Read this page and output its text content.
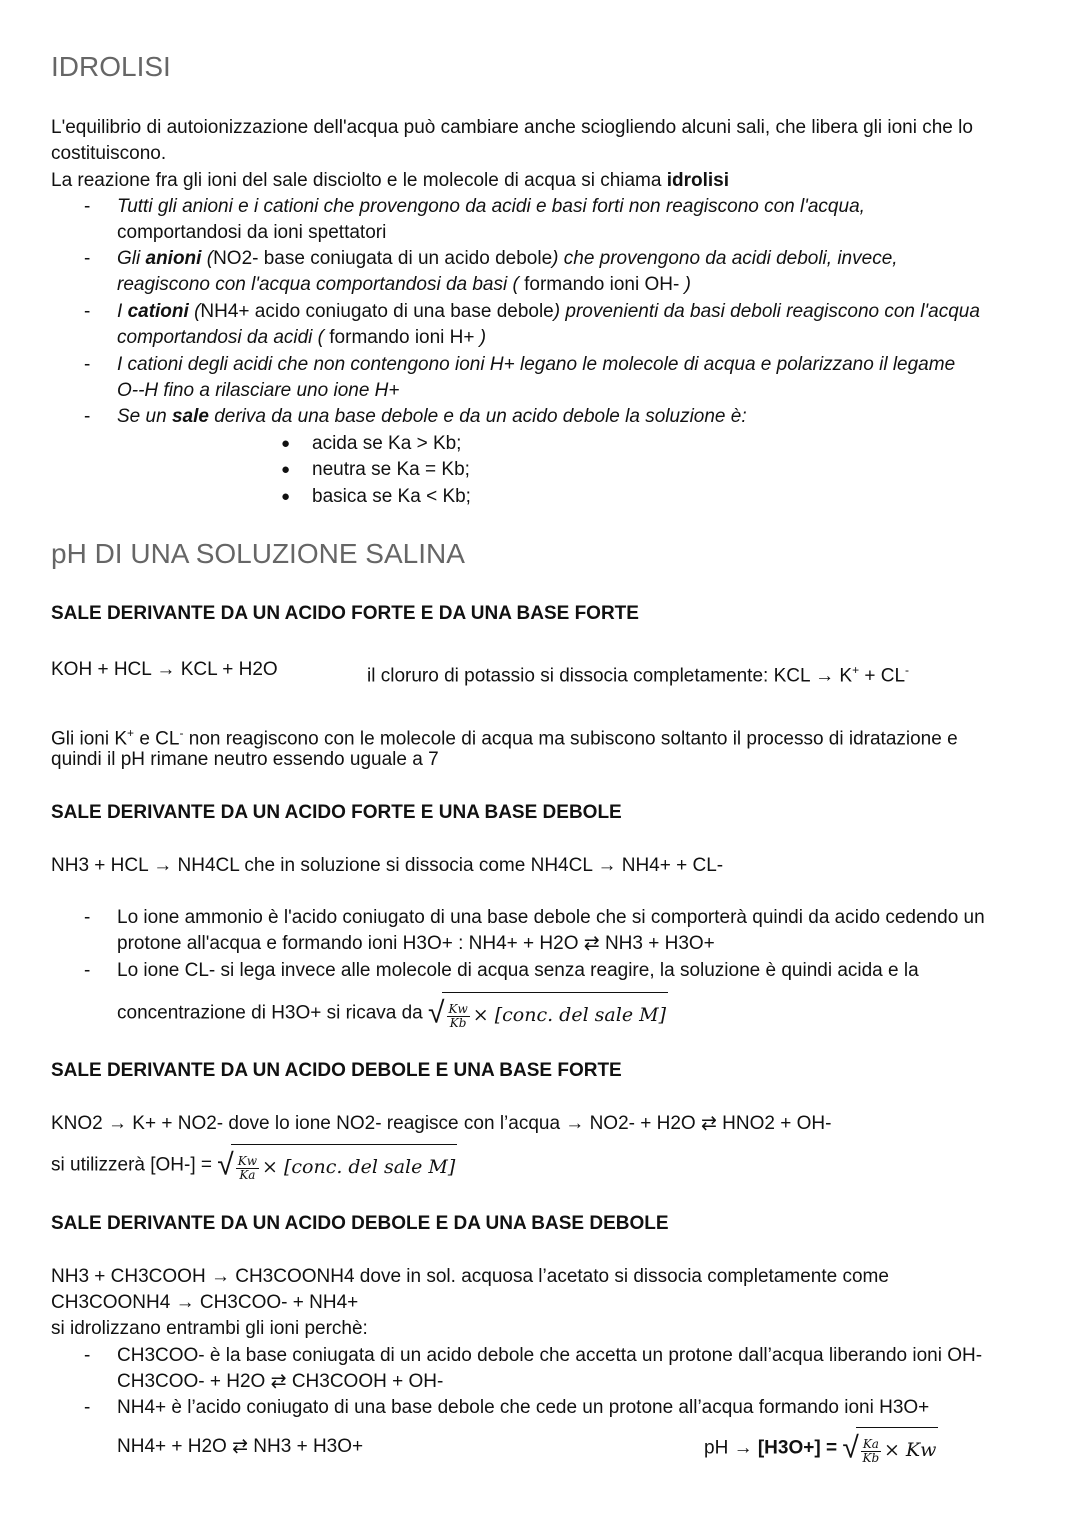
IDROLISI
L'equilibrio di autoionizzazione dell'acqua può cambiare anche sciogliendo alcuni sali, che libera gli ioni che lo
costituiscono.
La reazione fra gli ioni del sale disciolto e le molecole di acqua si chiama idrolisi
- Tutti gli anioni e i cationi che provengono da acidi e basi forti non reagiscono con l'acqua,
comportandosi da ioni spettatori
- Gli anioni (NO2- base coniugata di un acido debole) che provengono da acidi deboli, invece,
reagiscono con l'acqua comportandosi da basi ( formando ioni OH- )
- I cationi (NH4+ acido coniugato di una base debole) provenienti da basi deboli reagiscono con l'acqua
comportandosi da acidi ( formando ioni H+ )
- I cationi degli acidi che non contengono ioni H+ legano le molecole di acqua e polarizzano il legame
O--H fino a rilasciare uno ione H+
- Se un sale deriva da una base debole e da un acido debole la soluzione è:
● acida se Ka > Kb;
● neutra se Ka = Kb;
● basica se Ka < Kb;
pH DI UNA SOLUZIONE SALINA
SALE DERIVANTE DA UN ACIDO FORTE E DA UNA BASE FORTE
KOH + HCL → KCL + H2O	il cloruro di potassio si dissocia completamente: KCL → K+ + CL-
Gli ioni K+ e CL- non reagiscono con le molecole di acqua ma subiscono soltanto il processo di idratazione e
quindi il pH rimane neutro essendo uguale a 7
SALE DERIVANTE DA UN ACIDO FORTE E UNA BASE DEBOLE
NH3 + HCL → NH4CL che in soluzione si dissocia come NH4CL → NH4+ + CL-
- Lo ione ammonio è l'acido coniugato di una base debole che si comporterà quindi da acido cedendo un
protone all'acqua e formando ioni H3O+ : NH4+ + H2O ⇄ NH3 + H3O+
- Lo ione CL- si lega invece alle molecole di acqua senza reagire, la soluzione è quindi acida e la
concentrazione di H3O+ si ricava da √ $\frac{Kw}{Kb}$ × [conc. del sale M]
SALE DERIVANTE DA UN ACIDO DEBOLE E UNA BASE FORTE
KNO2 → K+ + NO2- dove lo ione NO2- reagisce con l’acqua → NO2- + H2O ⇄ HNO2 + OH-
si utilizzerà [OH-] = √ $\frac{Kw}{Ka}$ × [conc. del sale M]
SALE DERIVANTE DA UN ACIDO DEBOLE E DA UNA BASE DEBOLE
NH3 + CH3COOH → CH3COONH4 dove in sol. acquosa l’acetato si dissocia completamente come
CH3COONH4 → CH3COO- + NH4+
si idrolizzano entrambi gli ioni perchè:
- CH3COO- è la base coniugata di un acido debole che accetta un protone dall’acqua liberando ioni OH-
CH3COO- + H2O ⇄ CH3COOH + OH-
- NH4+ è l’acido coniugato di una base debole che cede un protone all’acqua formando ioni H3O+
NH4+ + H2O ⇄ NH3 + H3O+	pH → [H3O+] = √ $\frac{Ka}{Kb} \times Kw$
